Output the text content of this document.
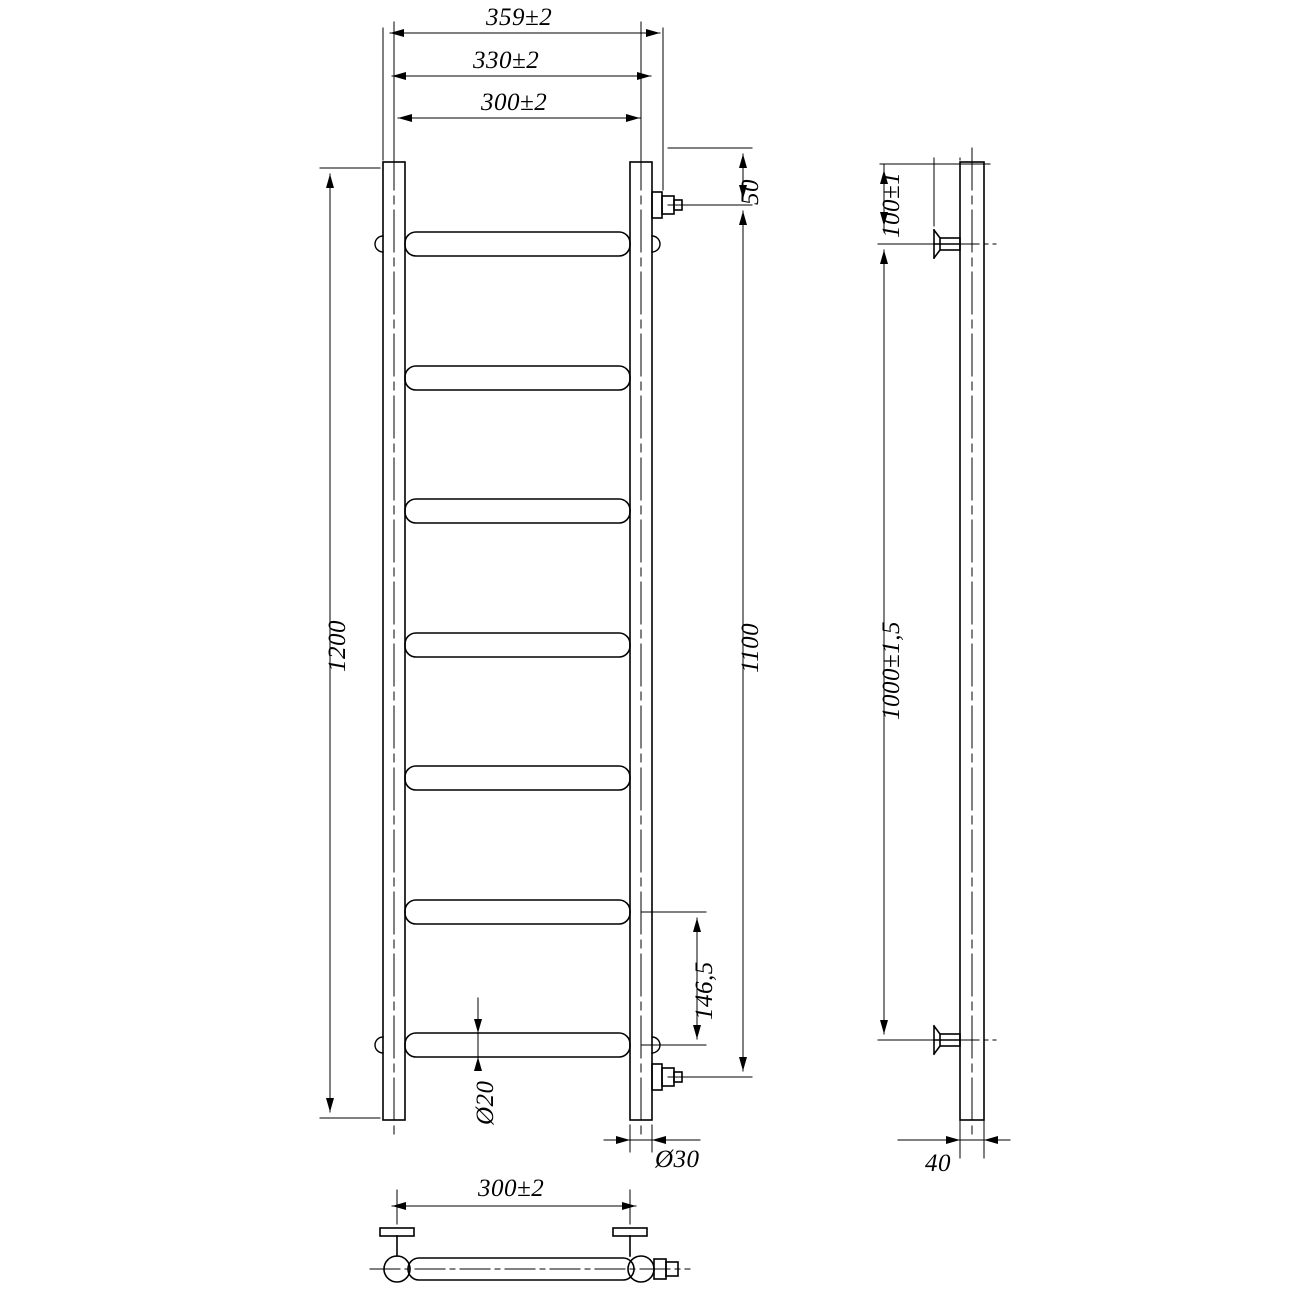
359±2
330±2
300±2
1200
50
1100
146,5
Ø20
Ø30
100±1
1000±1,5
40
300±2
